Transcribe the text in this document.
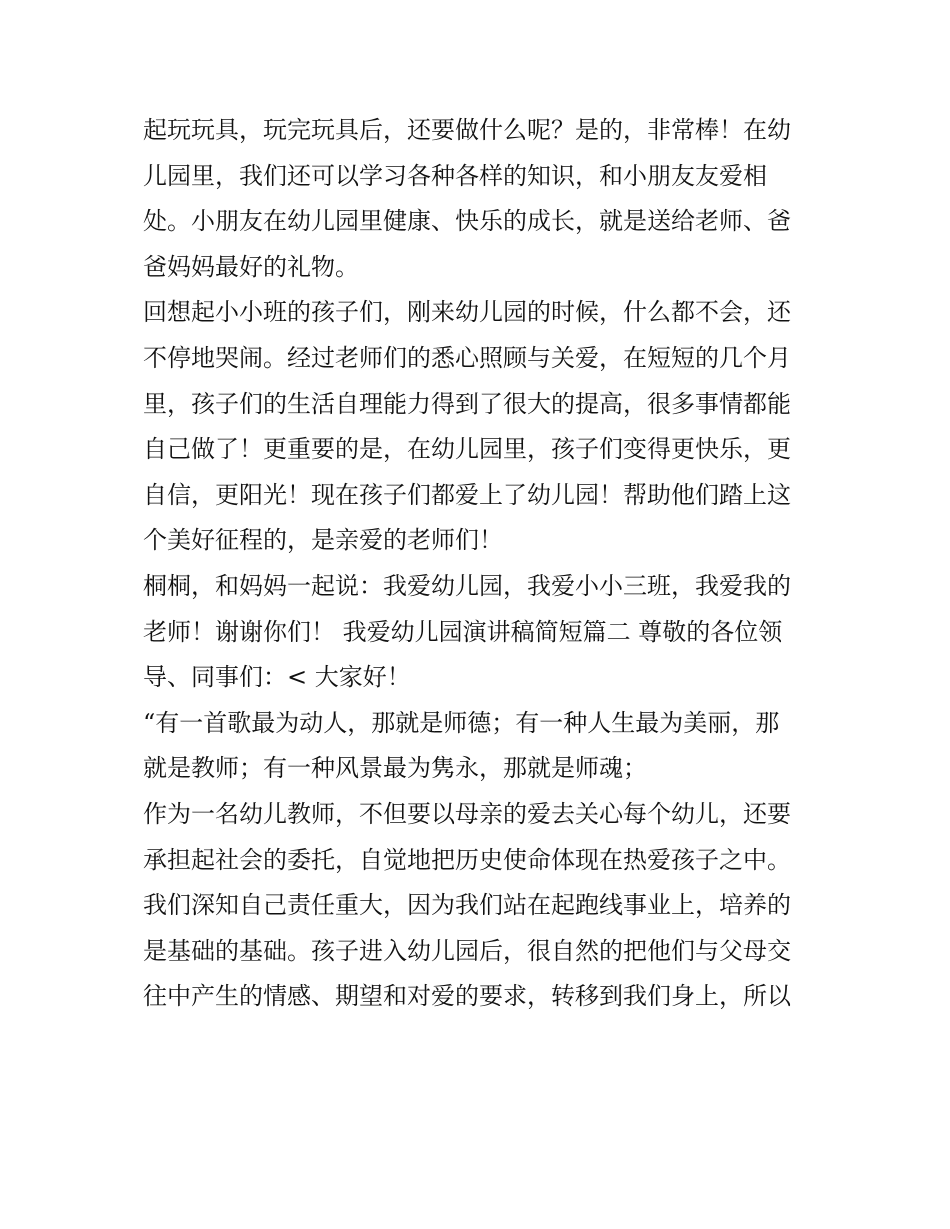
起玩玩具，玩完玩具后，还要做什么呢？是的，非常棒！在幼
儿园里，我们还可以学习各种各样的知识，和小朋友友爱相
处。小朋友在幼儿园里健康、快乐的成长，就是送给老师、爸
爸妈妈最好的礼物。
回想起小小班的孩子们，刚来幼儿园的时候，什么都不会，还
不停地哭闹。经过老师们的悉心照顾与关爱，在短短的几个月
里，孩子们的生活自理能力得到了很大的提高，很多事情都能
自己做了！更重要的是，在幼儿园里，孩子们变得更快乐，更
自信，更阳光！现在孩子们都爱上了幼儿园！帮助他们踏上这
个美好征程的，是亲爱的老师们！
桐桐，和妈妈一起说：我爱幼儿园，我爱小小三班，我爱我的
老师！谢谢你们！ 我爱幼儿园演讲稿简短篇二 尊敬的各位领
导、同事们：< 大家好！
“有一首歌最为动人，那就是师德；有一种人生最为美丽，那
就是教师；有一种风景最为隽永，那就是师魂；
作为一名幼儿教师，不但要以母亲的爱去关心每个幼儿，还要
承担起社会的委托，自觉地把历史使命体现在热爱孩子之中。
我们深知自己责任重大，因为我们站在起跑线事业上，培养的
是基础的基础。孩子进入幼儿园后，很自然的把他们与父母交
往中产生的情感、期望和对爱的要求，转移到我们身上，所以
